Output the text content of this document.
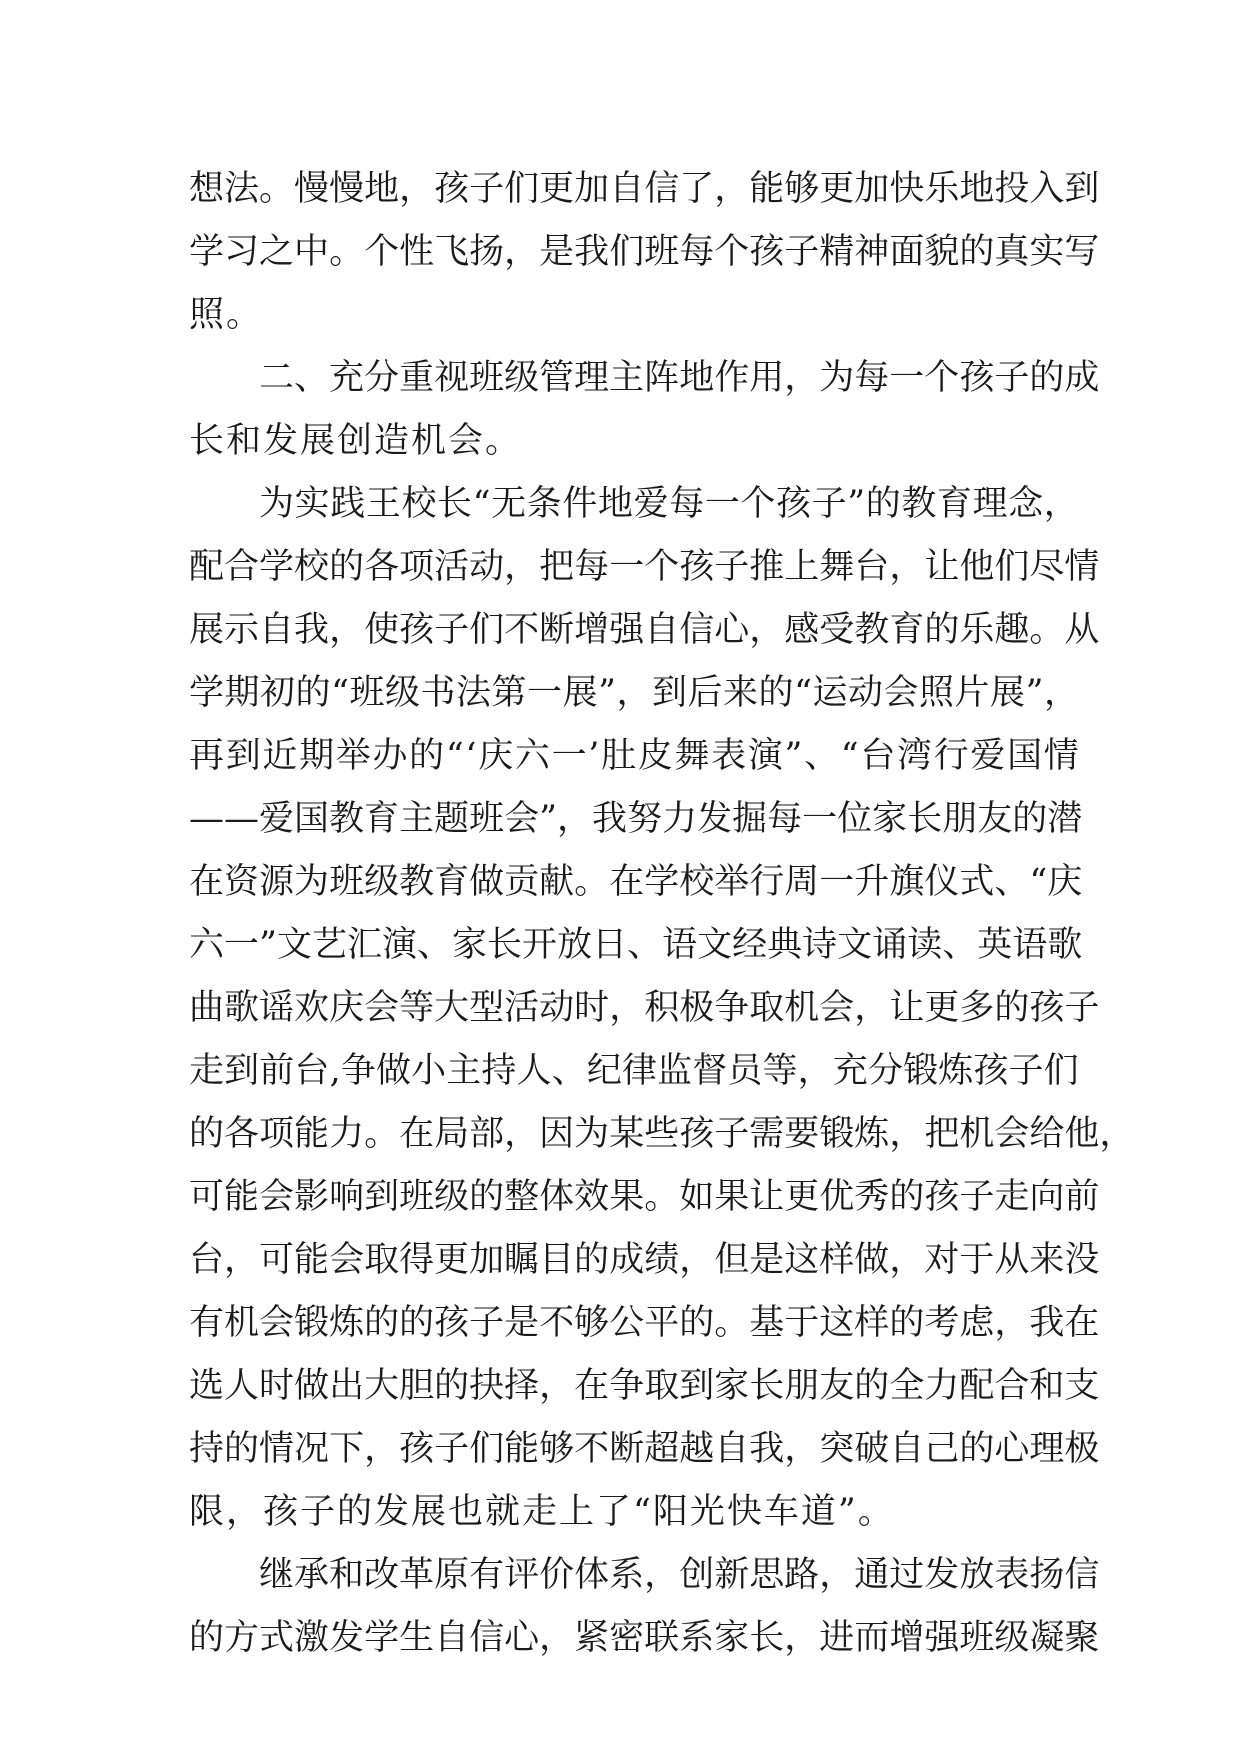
想 法 。 慢 慢 地 ， 孩 子 们 更 加 自 信 了 ， 能 够 更 加 快 乐 地 投 入 到
学 习 之 中 。 个 性 飞 扬 ， 是 我 们 班 每 个 孩 子 精 神 面 貌 的 真 实 写
照。
二 、 充 分 重 视 班 级 管 理 主 阵 地 作 用 ， 为 每 一 个 孩 子 的 成
长和发展创造机会。
为 实 践 王 校 长 “ 无 条 件 地 爱 每 一 个 孩 子 ” 的 教 育 理 念 ，
配 合 学 校 的 各 项 活 动 ， 把 每 一 个 孩 子 推 上 舞 台 ， 让 他 们 尽 情
展 示 自 我 ， 使 孩 子 们 不 断 增 强 自 信 心 ， 感 受 教 育 的 乐 趣 。 从
学 期 初 的 “ 班 级 书 法 第 一 展 ” ， 到 后 来 的 “ 运 动 会 照 片 展 ” ，
再 到 近 期 举 办 的 “ ‘ 庆 六 一 ’ 肚 皮 舞 表 演 ” 、 “ 台 湾 行 爱 国 情
— — 爱 国 教 育 主 题 班 会 ” ， 我 努 力 发 掘 每 一 位 家 长 朋 友 的 潜
在 资 源 为 班 级 教 育 做 贡 献 。 在 学 校 举 行 周 一 升 旗 仪 式 、 “ 庆
六 一 ” 文 艺 汇 演 、 家 长 开 放 日 、 语 文 经 典 诗 文 诵 读 、 英 语 歌
曲 歌 谣 欢 庆 会 等 大 型 活 动 时 ， 积 极 争 取 机 会 ， 让 更 多 的 孩 子
走 到 前 台 , 争 做 小 主 持 人 、 纪 律 监 督 员 等 ， 充 分 锻 炼 孩 子 们
的 各 项 能 力 。 在 局 部 ， 因 为 某 些 孩 子 需 要 锻 炼 ， 把 机 会 给 他 ，
可 能 会 影 响 到 班 级 的 整 体 效 果 。 如 果 让 更 优 秀 的 孩 子 走 向 前
台 ， 可 能 会 取 得 更 加 瞩 目 的 成 绩 ， 但 是 这 样 做 ， 对 于 从 来 没
有 机 会 锻 炼 的 的 孩 子 是 不 够 公 平 的 。 基 于 这 样 的 考 虑 ， 我 在
选 人 时 做 出 大 胆 的 抉 择 ， 在 争 取 到 家 长 朋 友 的 全 力 配 合 和 支
持 的 情 况 下 ， 孩 子 们 能 够 不 断 超 越 自 我 ， 突 破 自 己 的 心 理 极
限，孩子的发展也就走上了“阳光快车道”。
继 承 和 改 革 原 有 评 价 体 系 ， 创 新 思 路 ， 通 过 发 放 表 扬 信
的 方 式 激 发 学 生 自 信 心 ， 紧 密 联 系 家 长 ， 进 而 增 强 班 级 凝 聚
